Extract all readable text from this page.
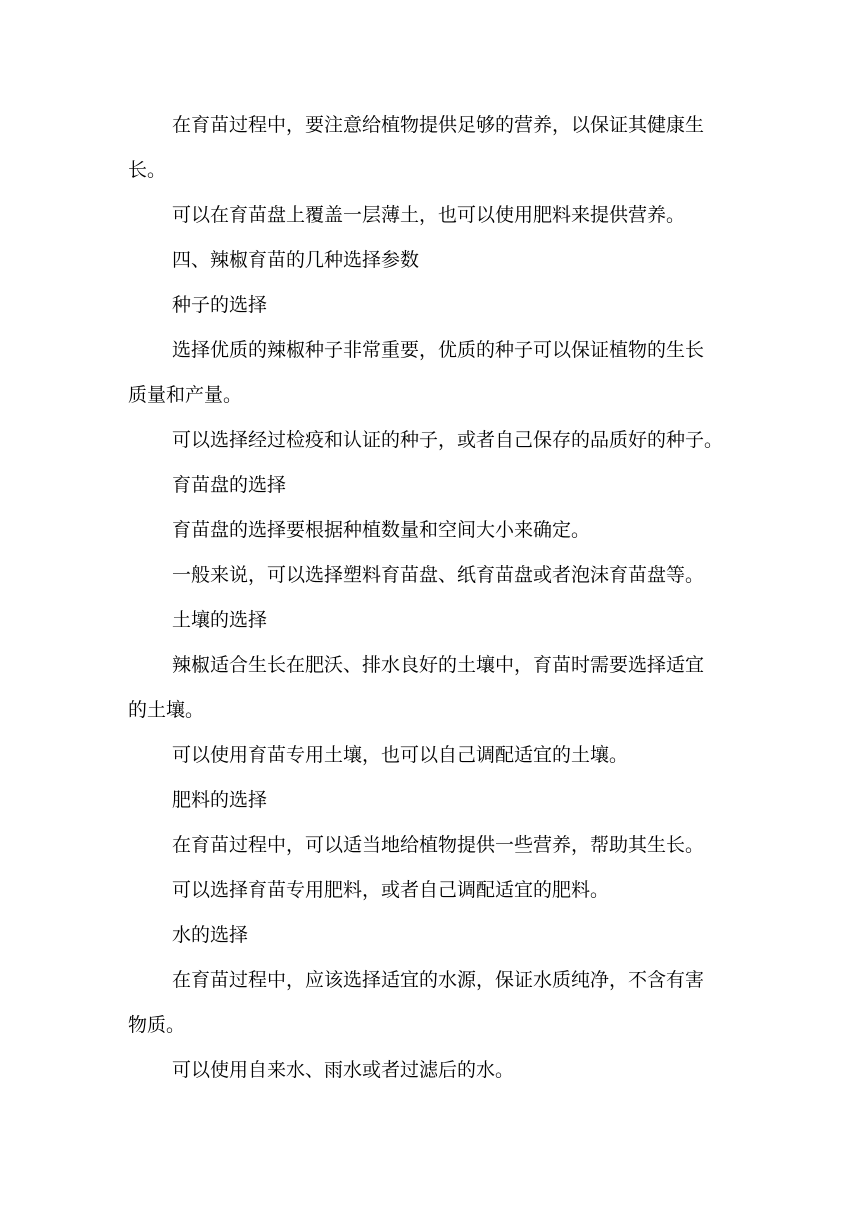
在育苗过程中，要注意给植物提供足够的营养，以保证其健康生
长。
可以在育苗盘上覆盖一层薄土，也可以使用肥料来提供营养。
四、辣椒育苗的几种选择参数
种子的选择
选择优质的辣椒种子非常重要，优质的种子可以保证植物的生长
质量和产量。
可以选择经过检疫和认证的种子，或者自己保存的品质好的种子。
育苗盘的选择
育苗盘的选择要根据种植数量和空间大小来确定。
一般来说，可以选择塑料育苗盘、纸育苗盘或者泡沫育苗盘等。
土壤的选择
辣椒适合生长在肥沃、排水良好的土壤中，育苗时需要选择适宜
的土壤。
可以使用育苗专用土壤，也可以自己调配适宜的土壤。
肥料的选择
在育苗过程中，可以适当地给植物提供一些营养，帮助其生长。
可以选择育苗专用肥料，或者自己调配适宜的肥料。
水的选择
在育苗过程中，应该选择适宜的水源，保证水质纯净，不含有害
物质。
可以使用自来水、雨水或者过滤后的水。
